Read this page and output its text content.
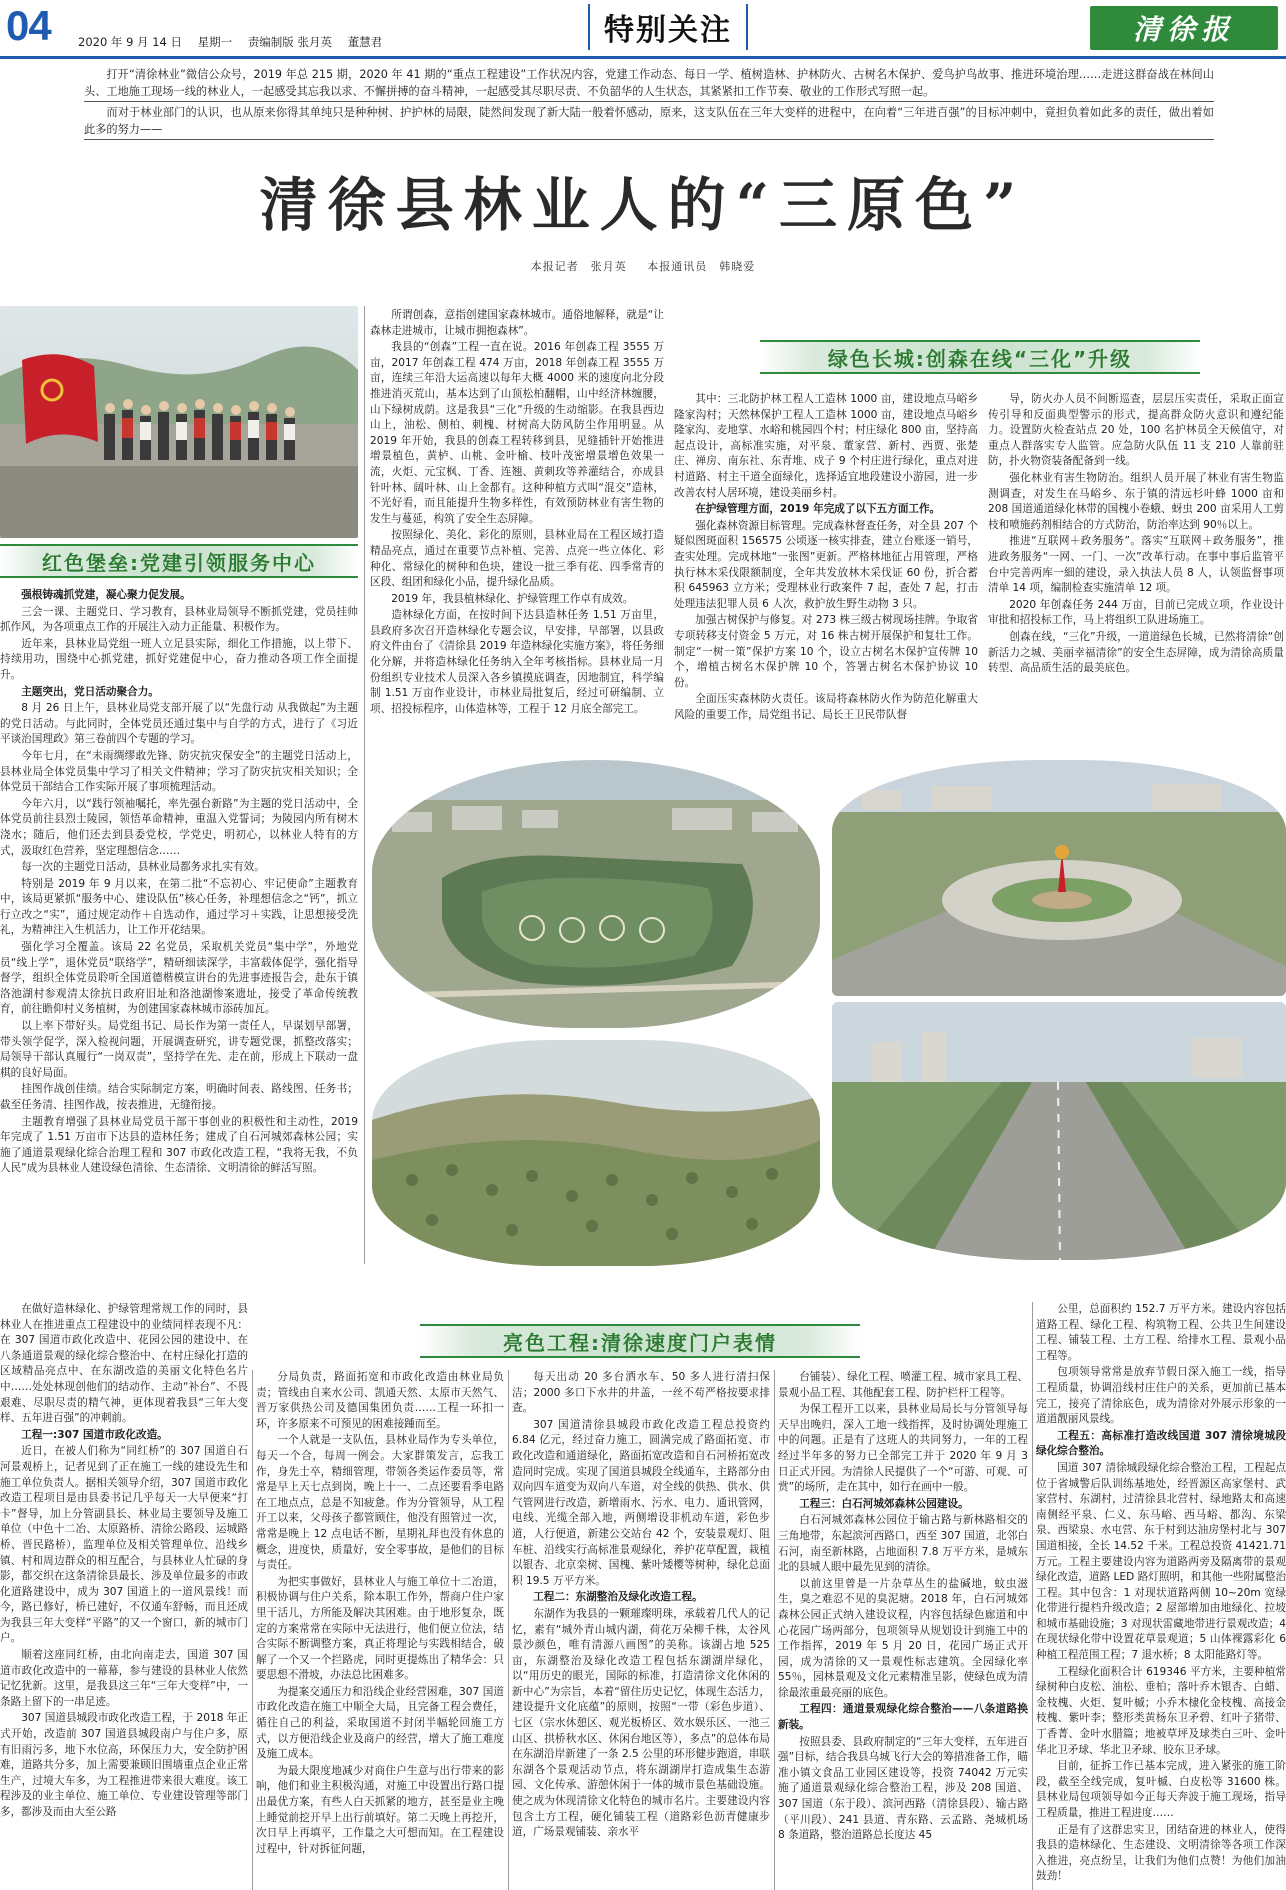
04 2020 年 9 月 14 日 星期一 责编制版 张月英 董慧君	特别关注	清徐报

打开“清徐林业”微信公众号，2019 年总 215 期，2020 年 41 期的“重点工程建设”工作状况内容，党建工作动态、每日一学、植树造林、护林防火、古树名木保护、爱鸟护鸟故事、推进环境治理……走进这群奋战在林间山头、工地施工现场一线的林业人，一起感受其忘我以求、不懈拼搏的奋斗精神，一起感受其尽职尽责、不负韶华的人生状态，其紧紧扣工作节奏、敬业的工作形式写照一起。

而对于林业部门的认识，也从原来你得其单纯只是种种树、护护林的局限，陡然间发现了新大陆一般着怀感动，原来，这支队伍在三年大变样的进程中，在向着“三年进百强”的目标冲刺中，竟担负着如此多的责任，做出着如此多的努力——

清徐县林业人的“三原色”
本报记者　张月英 本报通讯员　韩晓爱
红色堡垒:党建引领服务中心
绿色长城:创森在线“三化”升级
亮色工程:清徐速度门户表情

强根铸魂抓党建，凝心聚力促发展。

三会一课、主题党日、学习教育，县林业局领导不断抓党建，党员挂帅抓作风，为各项重点工作的开展注入动力正能量、积极作为。

近年来，县林业局党组一班人立足县实际，细化工作措施，以上带下、持续用功，围绕中心抓党建，抓好党建促中心，奋力推动各项工作全面提升。

主题突出，党日活动聚合力。

8 月 26 日上午，县林业局党支部开展了以“先盘行动 从我做起”为主题的党日活动。与此同时，全体党员还通过集中与自学的方式，进行了《习近平谈治国理政》第三卷前四个专题的学习。

今年七月，在“未雨绸缪敢先锋、防灾抗灾保安全”的主题党日活动上，县林业局全体党员集中学习了相关文件精神；学习了防灾抗灾相关知识；全体党员干部结合工作实际开展了事项梳理活动。

今年六月，以“践行领袖嘱托，率先强台新路”为主题的党日活动中，全体党员前往县烈士陵园，领悟革命精神，重温入党誓词；为陵园内所有树木浇水；随后，他们还去到县委党校，学党史，明初心，以林业人特有的方式，汲取红色营养，坚定理想信念……

每一次的主题党日活动，县林业局都务求扎实有效。

特别是 2019 年 9 月以来，在第二批“不忘初心、牢记使命”主题教育中，该局更紧抓“服务中心、建设队伍”核心任务，补理想信念之“钙”，抓立行立改之“实”，通过规定动作＋自选动作，通过学习＋实践，让思想接受洗礼，为精神注入生机活力，让工作开花结果。

强化学习全覆盖。该局 22 名党员，采取机关党员“集中学”，外地党员“线上学”，退休党员“联络学”，精研细读深学，丰富载体促学，强化指导督学，组织全体党员聆听全国道德楷模宣讲台的先进事迹报告会，赴东于镇洛池湖村参观清太徐抗日政府旧址和洛池湖惨案遗址，接受了革命传统教育，前往瞻仰村义务植树，为创建国家森林城市添砖加瓦。

以上率下带好头。局党组书记、局长作为第一责任人，早谋划早部署，带头领学促学，深入检视问题，开展调查研究，讲专题党课，抓整改落实；局领导干部认真履行“一岗双责”，坚持学在先、走在前，形成上下联动一盘棋的良好局面。

挂图作战创佳绩。结合实际制定方案，明确时间表、路线图、任务书；截至任务清、挂图作战，按表推进，无缝衔接。

主题教育增强了县林业局党员干部干事创业的积极性和主动性，2019 年完成了 1.51 万亩市下达县的造林任务；建成了自石河城郊森林公园；实施了通道景观绿化综合治理工程和 307 市政化改造工程，“我将无我，不负人民”成为县林业人建设绿色清徐、生态清徐、文明清徐的鲜活写照。

所谓创森，意指创建国家森林城市。通俗地解释，就是“让森林走进城市，让城市拥抱森林”。

我县的“创森”工程一直在说。2016 年创森工程 3555 万亩，2017 年创森工程 474 万亩，2018 年创森工程 3555 万亩，连续三年沿大运高速以每年大概 4000 米的速度向北分段推进消灭荒山，基本达到了山顶松柏翻帽，山中经济林缠腰，山下绿树成荫。这是我县“三化”升级的生动缩影。在我县西边山上，油松、侧柏、刺槐、材树高大防风防尘作用明显。从 2019 年开始，我县的创森工程转移到县，见缝插针开始推进增景植色，黄栌、山桃、金叶榆、枝叶茂密增景增色效果一流，火炬、元宝枫、丁香、连翘、黄刺玫等养灌结合，亦成县针叶林、阔叶林、山上金都有。这种种植方式叫“混交”造林，不光好看，而且能提升生物多样性，有效预防林业有害生物的发生与蔓延，构筑了安全生态屏障。

按照绿化、美化、彩化的原则，县林业局在工程区域打造精品亮点，通过在重要节点补植、完善、点亮一些立体化、彩种化、常绿化的树种和色块，建设一批三季有花、四季常青的区段、组团和绿化小品，提升绿化品质。

2019 年，我县植林绿化、护绿管理工作卓有成效。

造林绿化方面，在按时间下达县造林任务 1.51 万亩里，县政府多次召开造林绿化专题会议，早安排，早部署，以县政府文件由台了《清徐县 2019 年造林绿化实施方案》，将任务细化分解，并将造林绿化任务纳入全年考核指标。县林业局一月份组织专业技术人员深入各乡镇摸底调查，因地制宜，科学编制 1.51 万亩作业设计，市林业局批复后，经过可研编制、立项、招投标程序，山体造林等，工程于 12 月底全部完工。

其中：三北防护林工程人工造林 1000 亩，建设地点马峪乡隆家沟村；天然林保护工程人工造林 1000 亩，建设地点马峪乡隆家沟、麦地掌、水峪和桃园四个村；村庄绿化 800 亩，坚持高起点设计，高标准实施，对平泉、董家营、新村、西贾、张楚庄、禅房、南东社、东青堆、戍子 9 个村庄进行绿化，重点对进村道路、村主干道全面绿化，选择适宜地段建设小游园，进一步改善农村人居环境，建设美丽乡村。

在护绿管理方面，2019 年完成了以下五方面工作。

强化森林资源目标管理。完成森林督查任务，对全县 207 个疑似图斑面积 156575 公顷逐一核实排查，建立台账逐一销号，查实处理。完成林地“一张图”更新。严格林地征占用管理，严格执行林木采伐限额制度，全年共发放林木采伐证 60 份，折合蓄积 645963 立方米；受理林业行政案件 7 起，查处 7 起，打击处理违法犯罪人员 6 人次，救护放生野生动物 3 只。

加强古树保护与修复。对 273 株三级古树现场挂牌。争取省专项转移支付资金 5 万元，对 16 株古树开展保护和复壮工作。制定“一树一策”保护方案 10 个，设立古树名木保护宣传牌 10 个，增植古树名木保护牌 10 个，答署古树名木保护协议 10 份。

全面压实森林防火责任。该局将森林防火作为防范化解重大风险的重要工作，局党组书记、局长王卫民带队督

导，防火办人员不间断巡查，层层压实责任，采取正面宣传引导和反面典型警示的形式，提高群众防火意识和遵纪能力。设置防火检查站点 20 处，100 名护林员全天候值守，对重点人群落实专人监管。应急防火队伍 11 支 210 人靠前驻防，扑火物资装备配备到一线。

强化林业有害生物防治。组织人员开展了林业有害生物监测调查，对发生在马峪乡、东于镇的清远杉叶蜂 1000 亩和 208 国道通道绿化林带的国槐小卷蛾、蚜虫 200 亩采用人工剪枝和喷施药剂相结合的方式防治，防治率达到 90％以上。

推进“互联网＋政务服务”。落实“互联网＋政务服务”，推进政务服务“一网、一门、一次”改革行动。在事中事后监管平台中完善两库一細的建设，录入执法人员 8 人，认领监督事项清单 14 项，编制检查实施清单 12 项。

2020 年创森任务 244 万亩，目前已完成立项，作业设计审批和招投标工作，马上将组织工队进场施工。

创森在线，“三化”升级，一道道绿色长城，已然将清徐“创新活力之城、美丽幸福清徐”的安全生态屏障，成为清徐高质量转型、高品质生活的最美底色。

在做好造林绿化、护绿管理常规工作的同时，县林业人在推进重点工程建设中的业绩同样表现不凡：在 307 国道市政化改造中、花园公园的建设中、在八条通道景观的绿化综合整治中、在村庄绿化打造的区域精品亮点中、在东湖改造的美丽文化特色名片中……处处林现创他们的结动作、主动“补台”、不畏艰难、尽职尽责的精气神，更体现着我县“三年大变样、五年进百强”的冲刺前。

工程一:307 国道市政化改造。

近日，在被人们称为“同红桥”的 307 国道自石河景观桥上，记者见到了正在施工一线的建设先生和施工单位负责人。据相关领导介绍，307 国道市政化改造工程项目是由县委书记几乎每天一大早便来“打卡”督导，加上分管副县长、林业局主要领导及施工单位（中色十二冶、太原路桥、清徐公路段、运城路桥、晋民路桥），监理单位及相关管理单位、沿线乡镇、村和周边群众的相互配合，与县林业人忙碌的身影，都交织在这条清徐县最长、涉及单位最多的市政化道路建设中，成为 307 国道上的一道风景线！而今，路已修好，桥已建好，不仅通车舒畅，而且还成为我县三年大变样“平路”的又一个窗口，新的城市门户。

顺着这座同红桥，由北向南走去，国道 307 国道市政化改造中的一幕幕，参与建设的县林业人依然记忆犹新。这里，是我县这三年“三年大变样”中，一条路上留下的一串足迹。

307 国道县城段市政化改造工程，于 2018 年正式开始，改造前 307 国道县城段南户与住户多，原有旧雨污多，地下水位高，环保压力大，安全防护困难，道路共分多，加上需要兼顾旧围墙重点企业正常生产，过境大车多，为工程推进带来很大难度。该工程涉及的业主单位、施工单位、专业建设管理等部门多，都涉及而由大至公路

分局负责，路面拓宽和市政化改造由林业局负责；管线由自来水公司、凯通天然、太原市天然气、晋万家供热公司及德国集团负责……工程一环扣一环，许多原来不可预见的困难接踵而至。

一个人就是一支队伍，县林业局作为专头单位，每天一个合，每周一例会。大家群策发言，忘我工作，身先士卒，精细管理，带领各类运作委员等，常常是早上天七点到岗，晚上十一、二点还要看季电路在工地点点，总是不知疲惫。作为分管领导，从工程开工以来，父母孩子都管顾住，他没有照管过一次，常常是晚上 12 点电话不断，星期礼拜也没有休息的概念，进度快，质量好，安全零事故，是他们的目标与责任。

为把实事做好，县林业人与施工单位十二冶道，积极协调与住户关系，除本职工作外，帮商户住户家里干活儿，方所能及解决其困难。由于地形复杂，既定的方案常常在实际中无法进行，他们便立位法，结合实际不断调整方案，真正将理论与实践相结合，破解了一个又一个拦路虎，同时更提炼出了精华会：只要思想不滑坡，办法总比困难多。

为提案交通压力和沿线企业经营困难，307 国道市政化改造在施工中顺全大局，且完备工程会费任，循往自己的利益，采取国道不封闭半幅轮回施工方式，以方便沿线企业及商户的经营，增大了施工难度及施工成本。

为最大限度地减少对商住户生意与出行带来的影响，他们和业主积极沟通，对施工中设置出行路口提出最优方案，有些人白天抓紧的地方，甚至是业主晚上睡觉前挖开早上出行前填好。第二天晚上再挖开，次日早上再填平，工作量之大可想而知。在工程建设过程中，针对拆征问题，

每天出动 20 多台洒水车、50 多人进行清扫保洁；2000 多口下水井的井盖，一丝不苟严格按要求排查。

307 国道清徐县城段市政化改造工程总投资约 6.84 亿元，经过奋力施工，圆满完成了路面拓宽、市政化改造和通道绿化，路面拓宽改造和自石河桥拓宽改造同时完成。实现了国道县城段全线通车，主路部分由双向四车道变为双向八车道，对全线的供热、供水、供气管网进行改造，新增雨水、污水、电力、通讯管网，电线、光缆全部入地，两侧增设非机动车道，彩色步道，人行便道，新建公交站台 42 个，安装景观灯、阻车桩、沿线实行高标准景观绿化，养护花草配置，栽植以银杏、北京栾树、国槐、紫叶矮樱等树种，绿化总面积 19.5 万平方米。

工程二：东湖整治及绿化改造工程。

东湖作为我县的一颗璀璨明珠，承载着几代人的记忆，素有“城外青山城内湖，荷花万朵柳千株，太谷风景沙颜色，唯有清源八画图”的美称。该湖占地 525 亩，东湖整治及绿化改造工程包括东湖湖岸绿化，以“用历史的眼光，国际的标准，打造清徐文化休闲的新中心”为宗旨，本着“留住历史记忆，体现生态活力，建设提升文化底蕴”的原则，按照“一带（彩色步道）、七区（宗水休憩区、观光板桥区、效水娱乐区、一池三山区、拱桥秋水区、休闲台地区等），多点”的总体布局在东湖沿岸新建了一条 2.5 公里的环形健步跑道，串联东湖各个景观活动节点，将东湖湖岸打造成集生态游园、文化传承、游憩休闲于一体的城市景色基础设施。使之成为休现清徐文化特色的城市名片。主要建设内容包含土方工程，硬化铺装工程（道路彩色沥青健康步道，广场景观铺装、亲水平

台铺装）、绿化工程、喷灌工程、城市家具工程、景观小品工程、其他配套工程、防护栏杆工程等。

为保工程开工以来，县林业局局长与分管领导每天早出晚归，深入工地一线指挥，及时协调处理施工中的问题。正是有了这班人的共同努力，一年的工程经过半年多的努力已全部完工并于 2020 年 9 月 3 日正式开园。为清徐人民提供了一个“可游、可观、可赏”的场所，走在其中，如行在画中一般。

工程三：白石河城郊森林公园建设。

白石河城郊森林公园位于输古路与新林路相交的三角地带，东起滨河西路口，西至 307 国道，北邻白石河，南至新林路，占地面积 7.8 万平方米，是城东北的县城人眼中最先见到的清徐。

以前这里曾是一片杂草丛生的盐碱地，蚊虫滋生，臭之难忍不见的臭泥塘。2018 年，白石河城郊森林公园正式纳入建设议程，内容包括绿色廊道和中心花园广场两部分，包项领导从规划设计到施工中的工作指挥，2019 年 5 月 20 日，花园广场正式开园，成为清徐的又一景观性标志建筑。全园绿化率 55％，园林景观及文化元素精准呈影，使绿色成为清徐最浓重最亮丽的底色。

工程四：通道景观绿化综合整治——八条道路换新装。

按照县委、县政府制定的“三年大变样，五年进百强”目标，结合我县乌城飞行大会的筹措准备工作，瞄准小镇文食品工业园区建设等，投资 74042 万元实施了通道景观绿化综合整治工程，涉及 208 国道、307 国道（东于段）、滨河西路（清徐县段）、输古路（平川段）、241 县道、青东路、云孟路、尧城机场 8 条道路，整治道路总长度达 45

公里，总面积约 152.7 万平方米。建设内容包括道路工程、绿化工程、构筑物工程、公共卫生间建设工程、铺装工程、土方工程、给排水工程、景观小品工程等。

包项领导常常是放弃节假日深入施工一线，指导工程质量，协调沿线村庄住户的关系，更加前已基本完工，接亮了清徐底色，成为清徐对外展示形象的一道道靓丽风景线。

工程五：高标准打造改线国道 307 清徐境城段绿化综合整治。

国道 307 清徐城段绿化综合整治工程，工程起点位于省城警后队训练基地处，经晋源区高家堡村、武家营村、东湖村，过清徐县北营村、绿地路太和高速南侧经平泉、仁义、东马峪、西马峪、都沟、东梁泉、西梁泉、水屯营、东于村到达油房堡村北与 307 国道相接，全长 14.52 千米。工程总投资 41421.71 万元。工程主要建设内容为道路两旁及隔离带的景观绿化改造，道路 LED 路灯照明，和其他一些附属整治工程。其中包含：1 对现状道路两侧 10~20m 宽绿化带进行提档升级改造；2 屋部增加由地绿化、拉坡和城市基础设施；3 对现状雷藏地带进行景观改造；4 在现状绿化带中设置花草景观道；5 山体裸露彩化 6 种植工程范围工程；7 退水桥；8 太阳能路灯等。

工程绿化面积合计 619346 平方米，主要种植常绿树种白皮松、油松、垂柏；落叶乔木银杏、白蜡、金枝槐、火炬、复叶槭；小乔木棣化金枝槐、高接金枝槐、紫叶李；整形类黄杨东卫矛碧、红叶子猪带、丁香菁、金叶水腊篇；地被草坪及球类白三叶、金叶华北卫矛球、华北卫矛球、胶东卫矛球。

目前，征拆工作已基本完成，进入紧张的施工阶段，截至全线完成，复叶槭、白皮松等 31600 株。县林业局包项领导如今正每天奔波于施工现场，指导工程质量，推进工程进度……

正是有了这群忠实卫，团结奋进的林业人，使得我县的造林绿化、生态建设、文明清徐等各项工作深入推进，亮点纷呈，让我们为他们点赞！为他们加油鼓劲！
